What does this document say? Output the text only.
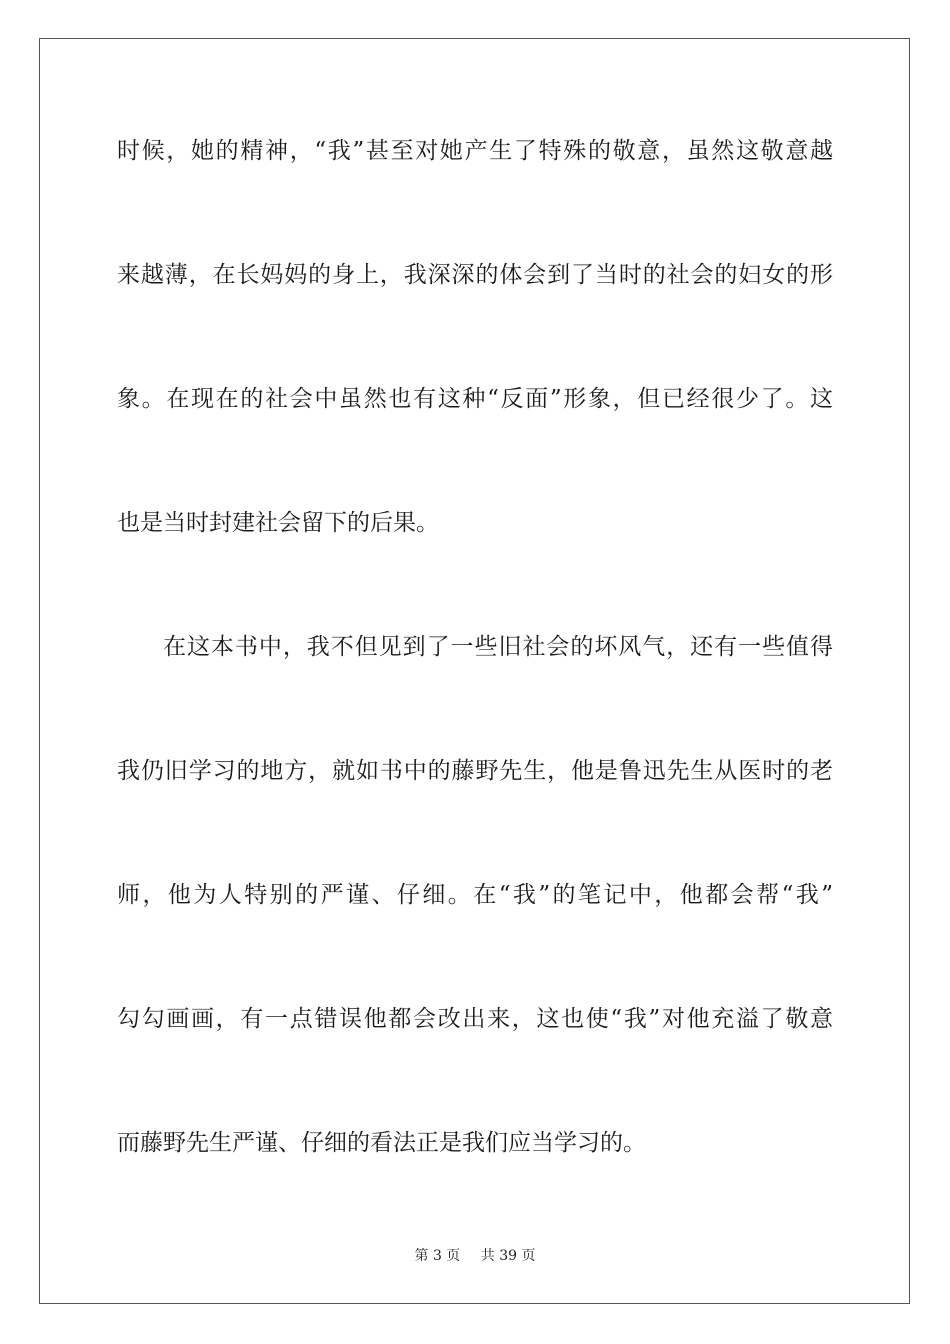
时候，她的精神，“我”甚至对她产生了特殊的敬意，虽然这敬意越
来越薄，在长妈妈的身上，我深深的体会到了当时的社会的妇女的形
象。在现在的社会中虽然也有这种“反面”形象，但已经很少了。这
也是当时封建社会留下的后果。
在这本书中，我不但见到了一些旧社会的坏风气，还有一些值得
我仍旧学习的地方，就如书中的藤野先生，他是鲁迅先生从医时的老
师，他为人特别的严谨、仔细。在“我”的笔记中，他都会帮“我”
勾勾画画，有一点错误他都会改出来，这也使“我”对他充溢了敬意
而藤野先生严谨、仔细的看法正是我们应当学习的。
第 3 页 共 39 页
